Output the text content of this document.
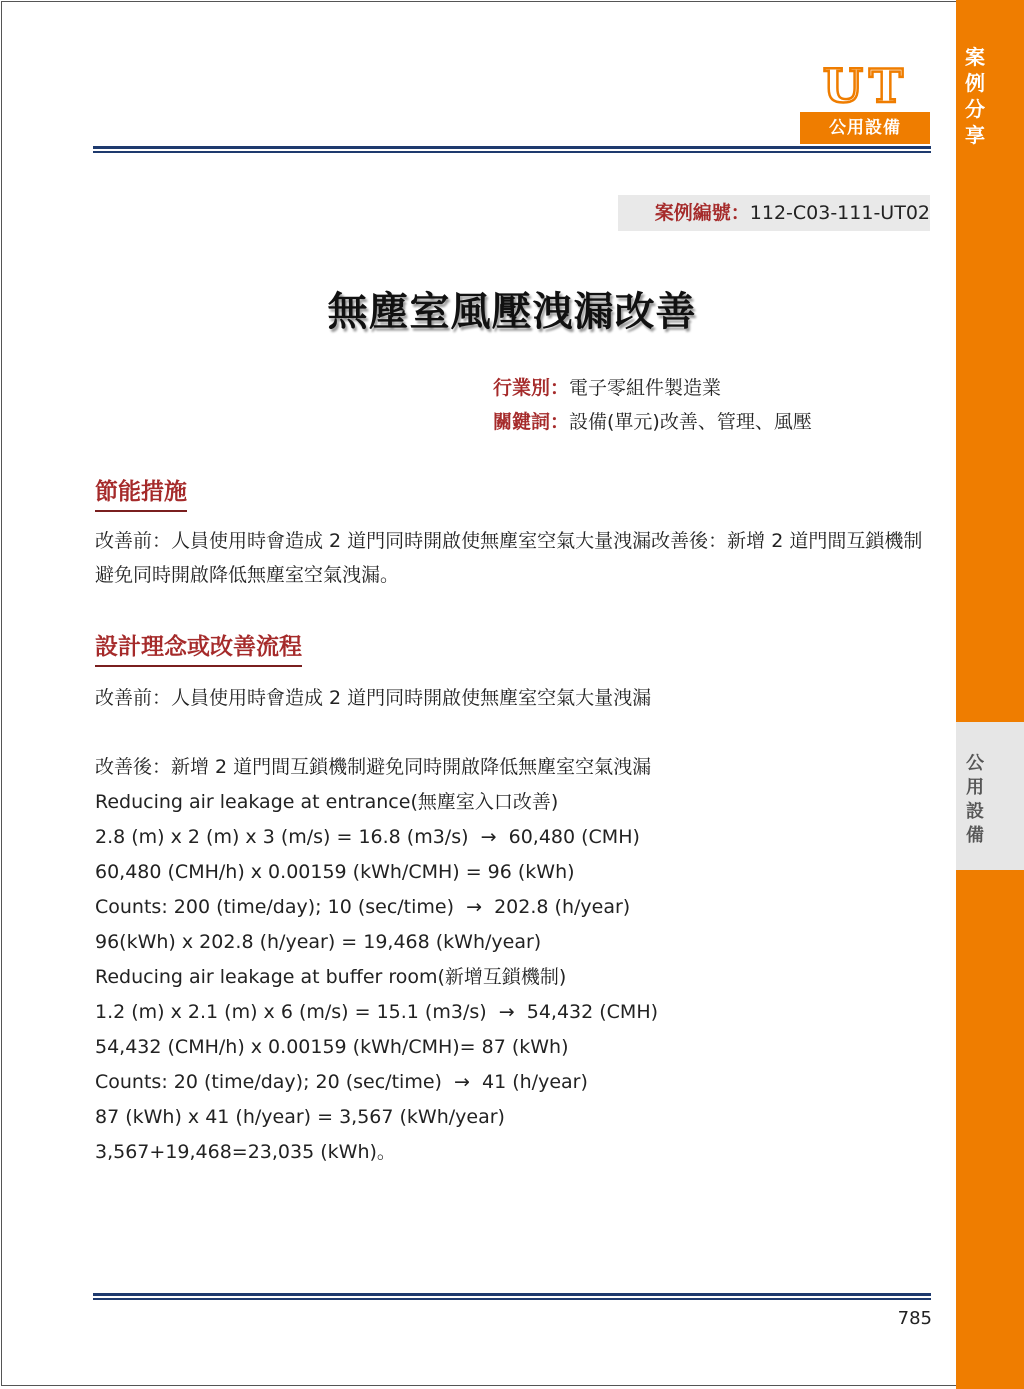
案例分享
公用設備
UT
公用設備
案例編號：112-C03-111-UT02
無塵室風壓洩漏改善
行業別：電子零組件製造業
關鍵詞：設備(單元)改善、管理、風壓
節能措施
改善前：人員使用時會造成 2 道門同時開啟使無塵室空氣大量洩漏改善後：新增 2 道門間互鎖機制避免同時開啟降低無塵室空氣洩漏。
設計理念或改善流程
改善前：人員使用時會造成 2 道門同時開啟使無塵室空氣大量洩漏
改善後：新增 2 道門間互鎖機制避免同時開啟降低無塵室空氣洩漏
Reducing air leakage at entrance(無塵室入口改善)
2.8 (m) x 2 (m) x 3 (m/s) = 16.8 (m3/s)  →  60,480 (CMH)
60,480 (CMH/h) x 0.00159 (kWh/CMH) = 96 (kWh)
Counts: 200 (time/day); 10 (sec/time)  →  202.8 (h/year)
96(kWh) x 202.8 (h/year) = 19,468 (kWh/year)
Reducing air leakage at buffer room(新增互鎖機制)
1.2 (m) x 2.1 (m) x 6 (m/s) = 15.1 (m3/s)  →  54,432 (CMH)
54,432 (CMH/h) x 0.00159 (kWh/CMH)= 87 (kWh)
Counts: 20 (time/day); 20 (sec/time)  →  41 (h/year)
87 (kWh) x 41 (h/year) = 3,567 (kWh/year)
3,567+19,468=23,035 (kWh)。
785
